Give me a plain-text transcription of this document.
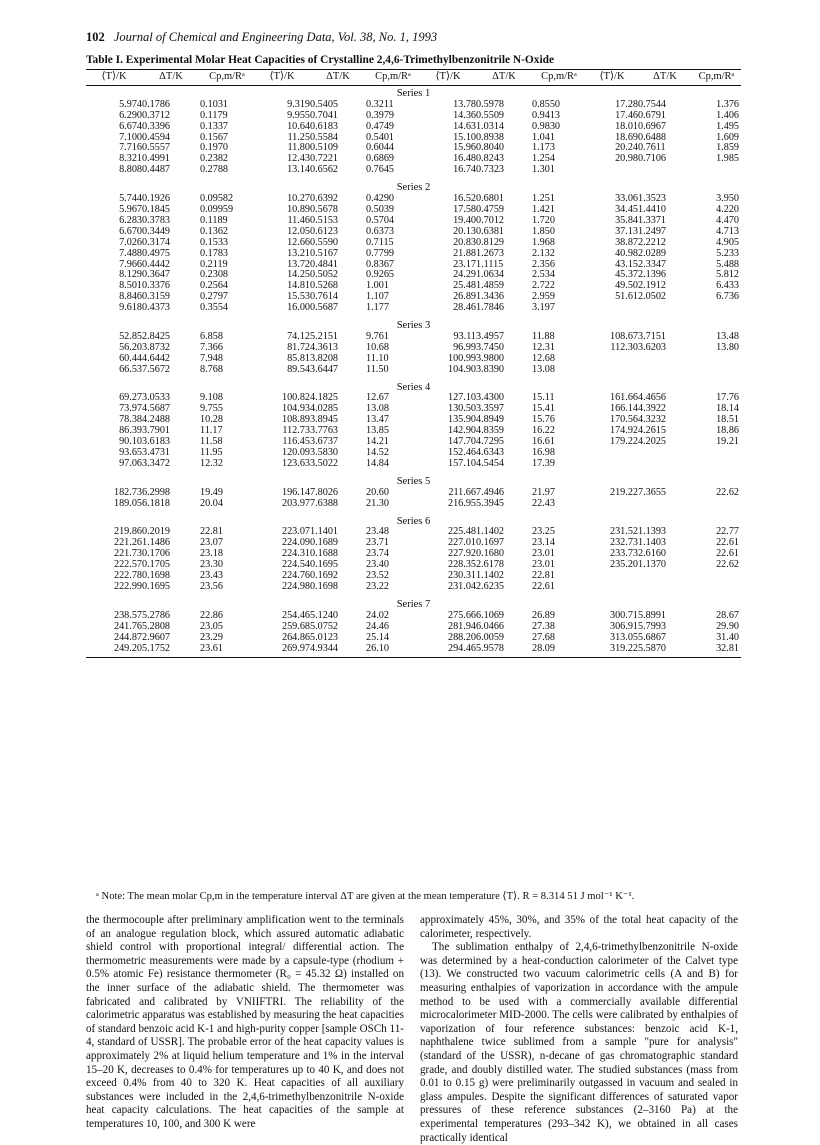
102 Journal of Chemical and Engineering Data, Vol. 38, No. 1, 1993
Table I. Experimental Molar Heat Capacities of Crystalline 2,4,6-Trimethylbenzonitrile N-Oxide
⟨T⟩/K	ΔT/K	Cp,m/Rᵃ	⟨T⟩/K	ΔT/K	Cp,m/Rᵃ	⟨T⟩/K	ΔT/K	Cp,m/Rᵃ	⟨T⟩/K	ΔT/K	Cp,m/Rᵃ
Series 1											
5.974	0.1786	0.1031	9.319	0.5405	0.3211	13.78	0.5978	0.8550	17.28	0.7544	1.376
6.290	0.3712	0.1179	9.955	0.7041	0.3979	14.36	0.5509	0.9413	17.46	0.6791	1.406
6.674	0.3396	0.1337	10.64	0.6183	0.4749	14.63	1.0314	0.9830	18.01	0.6967	1.495
7.100	0.4594	0.1567	11.25	0.5584	0.5401	15.10	0.8938	1.041	18.69	0.6488	1.609
7.716	0.5557	0.1970	11.80	0.5109	0.6044	15.96	0.8040	1.173	20.24	0.7611	1.859
8.321	0.4991	0.2382	12.43	0.7221	0.6869	16.48	0.8243	1.254	20.98	0.7106	1.985
8.808	0.4487	0.2788	13.14	0.6562	0.7645	16.74	0.7323	1.301			

Series 2											
5.744	0.1926	0.09582	10.27	0.6392	0.4290	16.52	0.6801	1.251	33.06	1.3523	3.950
5.967	0.1845	0.09959	10.89	0.5678	0.5039	17.58	0.4759	1.421	34.45	1.4410	4.220
6.283	0.3783	0.1189	11.46	0.5153	0.5704	19.40	0.7012	1.720	35.84	1.3371	4.470
6.670	0.3449	0.1362	12.05	0.6123	0.6373	20.13	0.6381	1.850	37.13	1.2497	4.713
7.026	0.3174	0.1533	12.66	0.5590	0.7115	20.83	0.8129	1.968	38.87	2.2212	4.905
7.488	0.4975	0.1783	13.21	0.5167	0.7799	21.88	1.2673	2.132	40.98	2.0289	5.233
7.966	0.4442	0.2119	13.72	0.4841	0.8367	23.17	1.1115	2.356	43.15	2.3347	5.488
8.129	0.3647	0.2308	14.25	0.5052	0.9265	24.29	1.0634	2.534	45.37	2.1396	5.812
8.501	0.3376	0.2564	14.81	0.5268	1.001	25.48	1.4859	2.722	49.50	2.1912	6.433
8.846	0.3159	0.2797	15.53	0.7614	1.107	26.89	1.3436	2.959	51.61	2.0502	6.736
9.618	0.4373	0.3554	16.00	0.5687	1.177	28.46	1.7846	3.197			

Series 3											
52.85	2.8425	6.858	74.12	5.2151	9.761	93.11	3.4957	11.88	108.67	3.7151	13.48
56.20	3.8732	7.366	81.72	4.3613	10.68	96.99	3.7450	12.31	112.30	3.6203	13.80
60.44	4.6442	7.948	85.81	3.8208	11.10	100.99	3.9800	12.68			
66.53	7.5672	8.768	89.54	3.6447	11.50	104.90	3.8390	13.08			

Series 4											
69.27	3.0533	9.108	100.82	4.1825	12.67	127.10	3.4300	15.11	161.66	4.4656	17.76
73.97	4.5687	9.755	104.93	4.0285	13.08	130.50	3.3597	15.41	166.14	4.3922	18.14
78.38	4.2488	10.28	108.89	3.8945	13.47	135.90	4.8949	15.76	170.56	4.3232	18.51
86.39	3.7901	11.17	112.73	3.7763	13.85	142.90	4.8359	16.22	174.92	4.2615	18.86
90.10	3.6183	11.58	116.45	3.6737	14.21	147.70	4.7295	16.61	179.22	4.2025	19.21
93.65	3.4731	11.95	120.09	3.5830	14.52	152.46	4.6343	16.98			
97.06	3.3472	12.32	123.63	3.5022	14.84	157.10	4.5454	17.39			

Series 5											
182.73	6.2998	19.49	196.14	7.8026	20.60	211.66	7.4946	21.97	219.22	7.3655	22.62
189.05	6.1818	20.04	203.97	7.6388	21.30	216.95	5.3945	22.43			

Series 6											
219.86	0.2019	22.81	223.07	1.1401	23.48	225.48	1.1402	23.25	231.52	1.1393	22.77
221.26	1.1486	23.07	224.09	0.1689	23.71	227.01	0.1697	23.14	232.73	1.1403	22.61
221.73	0.1706	23.18	224.31	0.1688	23.74	227.92	0.1680	23.01	233.73	2.6160	22.61
222.57	0.1705	23.30	224.54	0.1695	23.40	228.35	2.6178	23.01	235.20	1.1370	22.62
222.78	0.1698	23.43	224.76	0.1692	23.52	230.31	1.1402	22.81			
222.99	0.1695	23.56	224.98	0.1698	23.22	231.04	2.6235	22.61			

Series 7											
238.57	5.2786	22.86	254.46	5.1240	24.02	275.66	6.1069	26.89	300.71	5.8991	28.67
241.76	5.2808	23.05	259.68	5.0752	24.46	281.94	6.0466	27.38	306.91	5.7993	29.90
244.87	2.9607	23.29	264.86	5.0123	25.14	288.20	6.0059	27.68	313.05	5.6867	31.40
249.20	5.1752	23.61	269.97	4.9344	26.10	294.46	5.9578	28.09	319.22	5.5870	32.81

ᵃ Note: The mean molar Cp,m in the temperature interval ΔT are given at the mean temperature ⟨T⟩. R = 8.314 51 J mol⁻¹ K⁻¹.

the thermocouple after preliminary amplification went to the terminals of an analogue regulation block, which assured automatic adiabatic shield control with proportional integral/ differential action. The thermometric measurements were made by a capsule-type (rhodium + 0.5% atomic Fe) resistance thermometer (R₀ = 45.32 Ω) installed on the inner surface of the adiabatic shield. The thermometer was fabricated and calibrated by VNIIFTRI. The reliability of the calorimetric apparatus was established by measuring the heat capacities of standard benzoic acid K-1 and high-purity copper [sample OSCh 11-4, standard of USSR]. The probable error of the heat capacity values is approximately 2% at liquid helium temperature and 1% in the interval 15–20 K, decreases to 0.4% for temperatures up to 40 K, and does not exceed 0.4% from 40 to 320 K. Heat capacities of all auxiliary substances were included in the 2,4,6-trimethylbenzonitrile N-oxide heat capacity calculations. The heat capacities of the sample at temperatures 10, 100, and 300 K were

approximately 45%, 30%, and 35% of the total heat capacity of the calorimeter, respectively.

The sublimation enthalpy of 2,4,6-trimethylbenzonitrile N-oxide was determined by a heat-conduction calorimeter of the Calvet type (13). We constructed two vacuum calorimetric cells (A and B) for measuring enthalpies of vaporization in accordance with the ampule method to be used with a commercially available differential microcalorimeter MID-2000. The cells were calibrated by enthalpies of vaporization of four reference substances: benzoic acid K-1, naphthalene twice sublimed from a sample "pure for analysis" (standard of the USSR), n-decane of gas chromatographic standard grade, and doubly distilled water. The studied substances (mass from 0.01 to 0.15 g) were preliminarily outgassed in vacuum and sealed in glass ampules. Despite the significant differences of saturated vapor pressures of these reference substances (2–3160 Pa) at the experimental temperatures (293–342 K), we obtained in all cases practically identical
